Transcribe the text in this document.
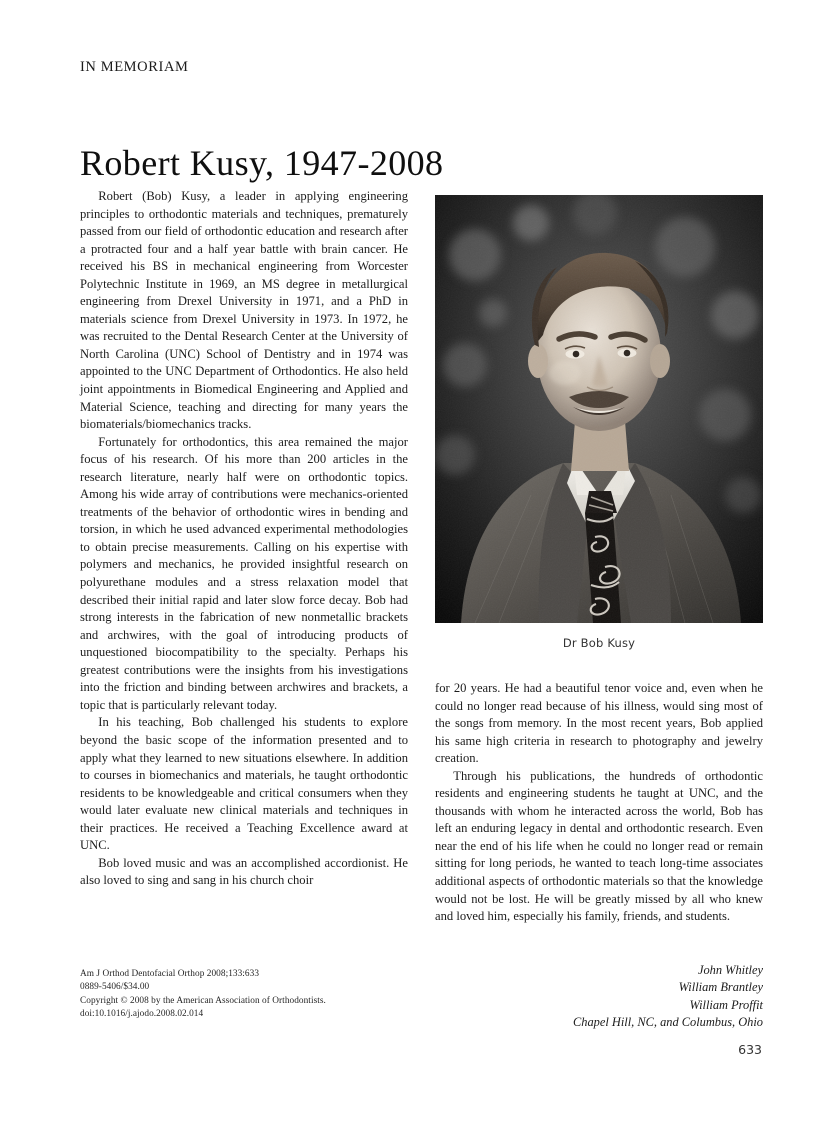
IN MEMORIAM
Robert Kusy, 1947-2008
Dr Bob Kusy

Robert (Bob) Kusy, a leader in applying engineering principles to orthodontic materials and techniques, prematurely passed from our field of orthodontic education and research after a protracted four and a half year battle with brain cancer. He received his BS in mechanical engineering from Worcester Polytechnic Institute in 1969, an MS degree in metallurgical engineering from Drexel University in 1971, and a PhD in materials science from Drexel University in 1973. In 1972, he was recruited to the Dental Research Center at the University of North Carolina (UNC) School of Dentistry and in 1974 was appointed to the UNC Department of Orthodontics. He also held joint appointments in Biomedical Engineering and Applied and Material Science, teaching and directing for many years the biomaterials/biomechanics tracks.

Fortunately for orthodontics, this area remained the major focus of his research. Of his more than 200 articles in the research literature, nearly half were on orthodontic topics. Among his wide array of contributions were mechanics-oriented treatments of the behavior of orthodontic wires in bending and torsion, in which he used advanced experimental methodologies to obtain precise measurements. Calling on his expertise with polymers and mechanics, he provided insightful research on polyurethane modules and a stress relaxation model that described their initial rapid and later slow force decay. Bob had strong interests in the fabrication of new nonmetallic brackets and archwires, with the goal of introducing products of unquestioned biocompatibility to the specialty. Perhaps his greatest contributions were the insights from his investigations into the friction and binding between archwires and brackets, a topic that is particularly relevant today.

In his teaching, Bob challenged his students to explore beyond the basic scope of the information presented and to apply what they learned to new situations elsewhere. In addition to courses in biomechanics and materials, he taught orthodontic residents to be knowledgeable and critical consumers when they would later evaluate new clinical materials and techniques in their practices. He received a Teaching Excellence award at UNC.

Bob loved music and was an accomplished accordionist. He also loved to sing and sang in his church choir

for 20 years. He had a beautiful tenor voice and, even when he could no longer read because of his illness, would sing most of the songs from memory. In the most recent years, Bob applied his same high criteria in research to photography and jewelry creation.

Through his publications, the hundreds of orthodontic residents and engineering students he taught at UNC, and the thousands with whom he interacted across the world, Bob has left an enduring legacy in dental and orthodontic research. Even near the end of his life when he could no longer read or remain sitting for long periods, he wanted to teach long-time associates additional aspects of orthodontic materials so that the knowledge would not be lost. He will be greatly missed by all who knew and loved him, especially his family, friends, and students.

John Whitley
William Brantley
William Proffit
Chapel Hill, NC, and Columbus, Ohio
Am J Orthod Dentofacial Orthop 2008;133:633
0889-5406/$34.00
Copyright © 2008 by the American Association of Orthodontists.
doi:10.1016/j.ajodo.2008.02.014
633
